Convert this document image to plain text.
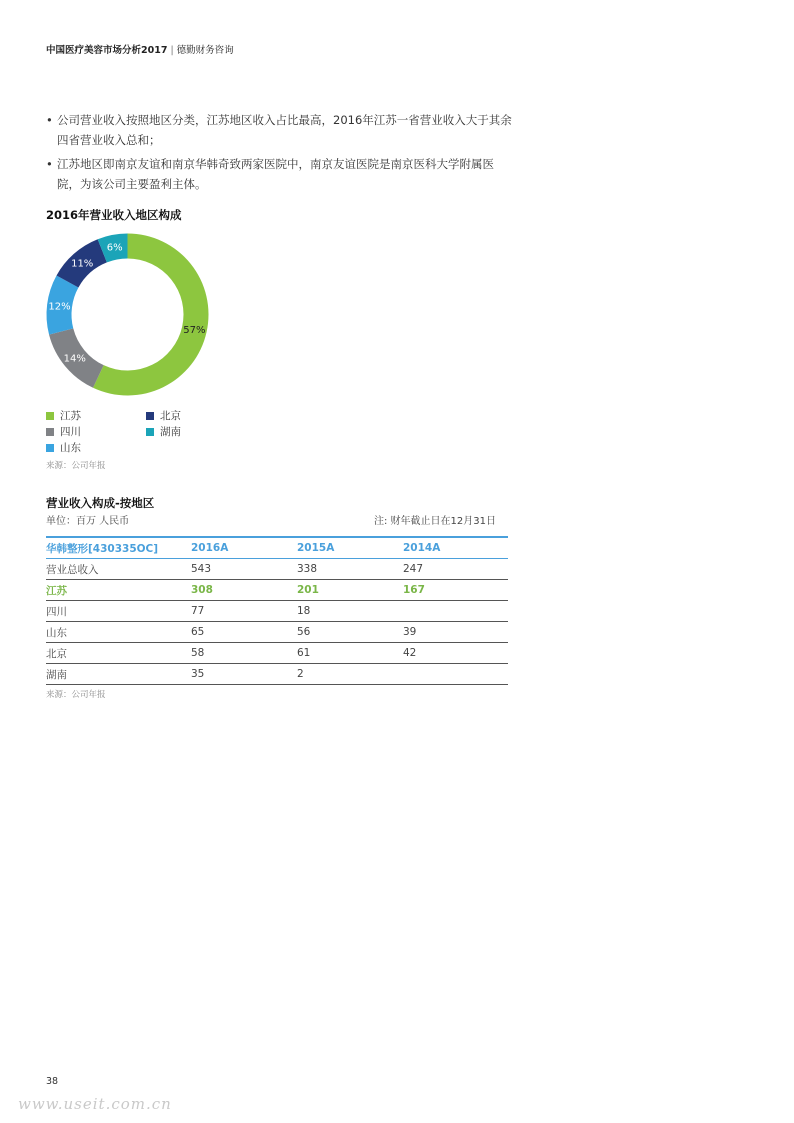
中国医疗美容市场分析2017 | 德勤财务咨询
• 公司营业收入按照地区分类，江苏地区收入占比最高，2016年江苏一省营业收入大于其余四省营业收入总和；
• 江苏地区即南京友谊和南京华韩奇致两家医院中，南京友谊医院是南京医科大学附属医院，为该公司主要盈利主体。
2016年营业收入地区构成
57%
14%
12%
11%
6%
江苏	北京
四川	湖南
山东
来源：公司年报
营业收入构成-按地区
单位：百万 人民币	注: 财年截止日在12月31日
华韩整形[430335OC]	2016A	2015A	2014A
营业总收入	543	338	247
江苏	308	201	167
四川	77	18	
山东	65	56	39
北京	58	61	42
湖南	35	2	
来源：公司年报
38
www.useit.com.cn
